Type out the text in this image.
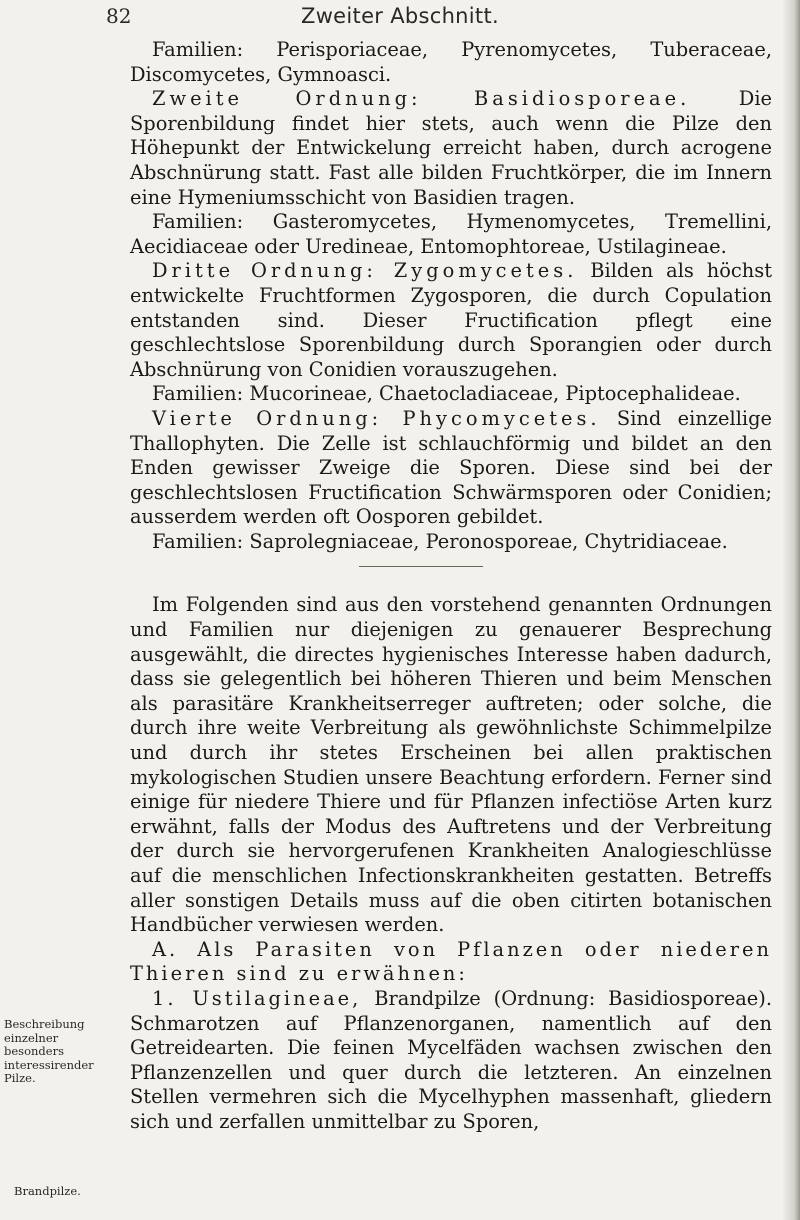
82	Zweiter Abschnitt.

Familien: Perisporiaceae, Pyrenomycetes, Tuberaceae, Discomycetes, Gymnoasci.

Zweite Ordnung: Basidiosporeae. Die Sporenbildung findet hier stets, auch wenn die Pilze den Höhepunkt der Entwickelung erreicht haben, durch acrogene Abschnürung statt. Fast alle bilden Fruchtkörper, die im Innern eine Hymeniumsschicht von Basidien tragen.

Familien: Gasteromycetes, Hymenomycetes, Tremellini, Aecidiaceae oder Uredineae, Entomophtoreae, Ustilagineae.

Dritte Ordnung: Zygomycetes. Bilden als höchst entwickelte Fruchtformen Zygosporen, die durch Copulation entstanden sind. Dieser Fructification pflegt eine geschlechtslose Sporenbildung durch Sporangien oder durch Abschnürung von Conidien vorauszugehen.

Familien: Mucorineae, Chaetocladiaceae, Piptocephalideae.

Vierte Ordnung: Phycomycetes. Sind einzellige Thallophyten. Die Zelle ist schlauchförmig und bildet an den Enden gewisser Zweige die Sporen. Diese sind bei der geschlechtslosen Fructification Schwärmsporen oder Conidien; ausserdem werden oft Oosporen gebildet.

Familien: Saprolegniaceae, Peronosporeae, Chytridiaceae.

Im Folgenden sind aus den vorstehend genannten Ordnungen und Familien nur diejenigen zu genauerer Besprechung ausgewählt, die directes hygienisches Interesse haben dadurch, dass sie gelegentlich bei höheren Thieren und beim Menschen als parasitäre Krankheitserreger auftreten; oder solche, die durch ihre weite Verbreitung als gewöhnlichste Schimmelpilze und durch ihr stetes Erscheinen bei allen praktischen mykologischen Studien unsere Beachtung erfordern. Ferner sind einige für niedere Thiere und für Pflanzen infectiöse Arten kurz erwähnt, falls der Modus des Auftretens und der Verbreitung der durch sie hervorgerufenen Krankheiten Analogieschlüsse auf die menschlichen Infectionskrankheiten gestatten. Betreffs aller sonstigen Details muss auf die oben citirten botanischen Handbücher verwiesen werden.

A. Als Parasiten von Pflanzen oder niederen Thieren sind zu erwähnen:

1. Ustilagineae, Brandpilze (Ordnung: Basidiosporeae). Schmarotzen auf Pflanzenorganen, namentlich auf den Getreidearten. Die feinen Mycelfäden wachsen zwischen den Pflanzenzellen und quer durch die letzteren. An einzelnen Stellen vermehren sich die Mycelhyphen massenhaft, gliedern sich und zerfallen unmittelbar zu Sporen,

Beschreibung einzelner besonders interessirender Pilze.
Brandpilze.
